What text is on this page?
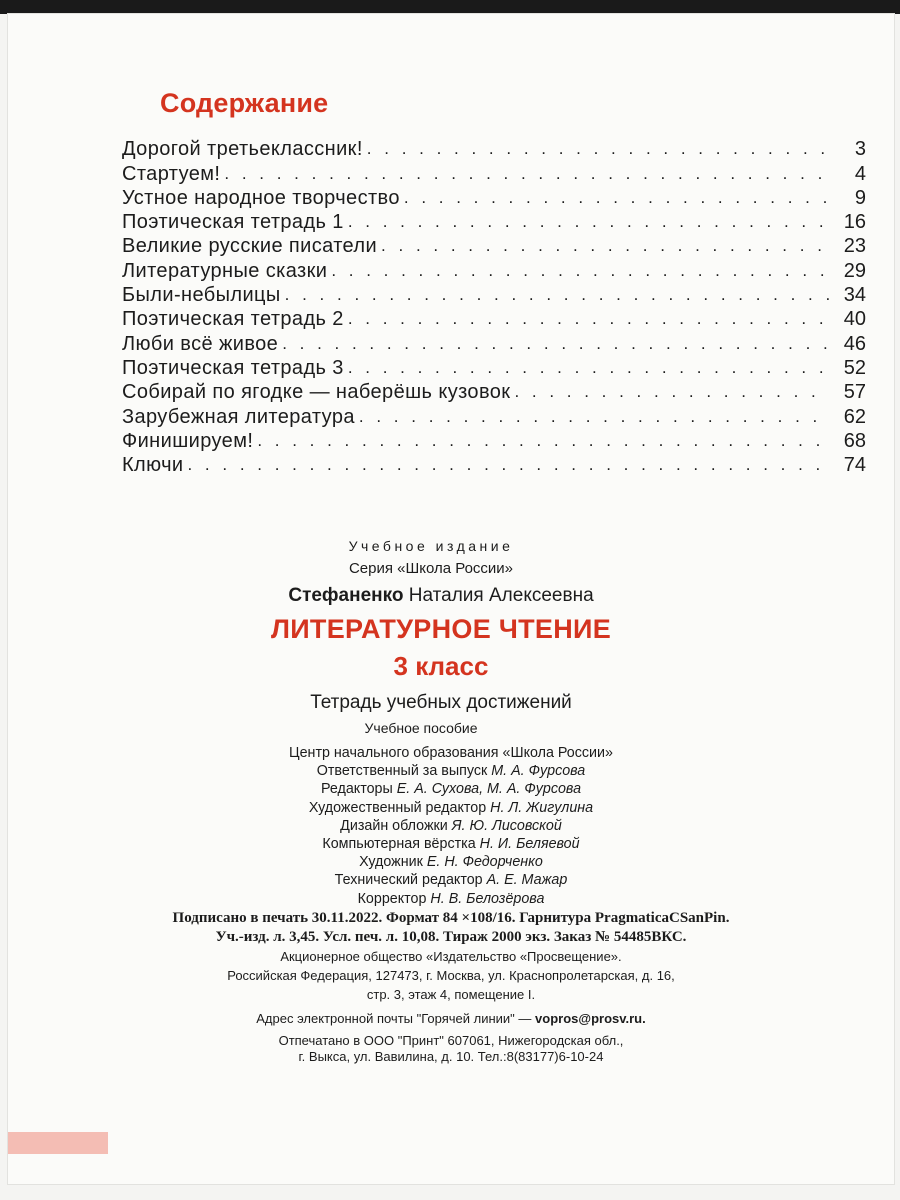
Содержание
Дорогой третьеклассник! . . .	3
Стартуем! . . .	4
Устное народное творчество . . .	9
Поэтическая тетрадь 1 . . .	16
Великие русские писатели . . .	23
Литературные сказки . . .	29
Были-небылицы . . .	34
Поэтическая тетрадь 2 . . .	40
Люби всё живое . . .	46
Поэтическая тетрадь 3 . . .	52
Собирай по ягодке — наберёшь кузовок . . .	57
Зарубежная литература . . .	62
Финишируем! . . .	68
Ключи . . .	74
Учебное издание
Серия «Школа России»
Стефаненко Наталия Алексеевна
ЛИТЕРАТУРНОЕ ЧТЕНИЕ
3 класс
Тетрадь учебных достижений
Учебное пособие
Центр начального образования «Школа России»
Ответственный за выпуск М. А. Фурсова
Редакторы Е. А. Сухова, М. А. Фурсова
Художественный редактор Н. Л. Жигулина
Дизайн обложки Я. Ю. Лисовской
Компьютерная вёрстка Н. И. Беляевой
Художник Е. Н. Федорченко
Технический редактор А. Е. Мажар
Корректор Н. В. Белозёрова
Подписано в печать 30.11.2022. Формат 84 ×108/16. Гарнитура PragmaticaCSanPin.
Уч.-изд. л. 3,45. Усл. печ. л. 10,08. Тираж 2000 экз. Заказ № 54485ВКС.
Акционерное общество «Издательство «Просвещение».
Российская Федерация, 127473, г. Москва, ул. Краснопролетарская, д. 16,
стр. 3, этаж 4, помещение I.
Адрес электронной почты "Горячей линии" — vopros@prosv.ru.
Отпечатано в ООО "Принт" 607061, Нижегородская обл.,
г. Выкса, ул. Вавилина, д. 10. Тел.:8(83177)6-10-24
